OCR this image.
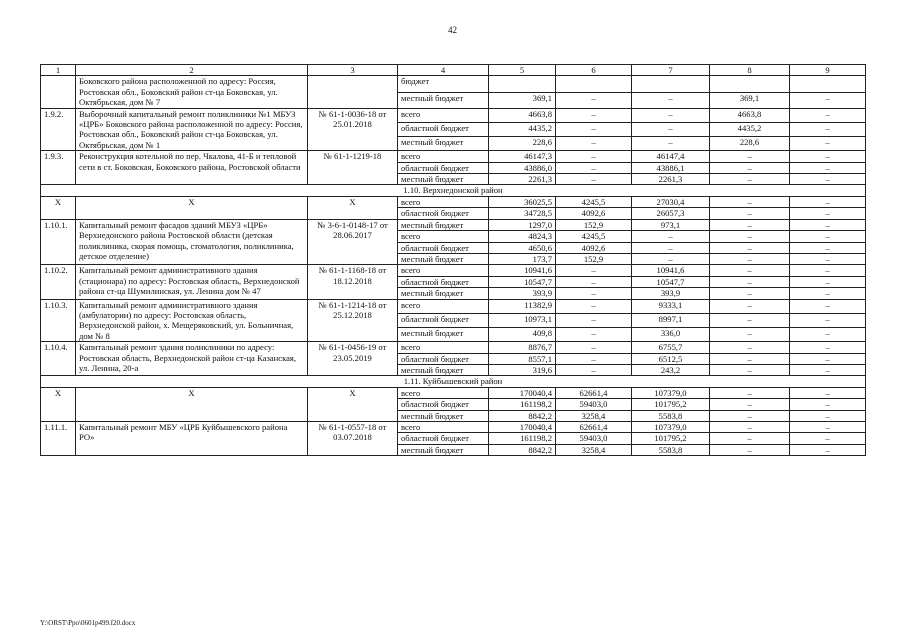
42
1	2	3	4	5	6	7	8	9
	Боковского района расположенной по адресу: Россия, Ростовская обл., Боковский район ст-ца Боковская, ул. Октябрьская, дом № 7		бюджет					
			местный бюджет	369,1	–	–	369,1	–
1.9.2.	Выборочный капитальный ремонт поликлиники №1 МБУЗ «ЦРБ» Боковского района расположенной по адресу: Россия, Ростовская обл., Боковский район ст-ца Боковская, ул. Октябрьская, дом № 1	№ 61-1-0036-18 от 25.01.2018	всего	4663,8	–	–	4663,8	–
			областной бюджет	4435,2	–	–	4435,2	–
			местный бюджет	228,6	–	–	228,6	–
1.9.3.	Реконструкция котельной по пер. Чкалова, 41-Б и тепловой сети в ст. Боковская, Боковского района, Ростовской области	№ 61-1-1219-18	всего	46147,3	–	46147,4	–	–
			областной бюджет	43886,0	–	43886,1	–	–
			местный бюджет	2261,3	–	2261,3	–	–
1.10. Верхнедонской район								
Х	Х	Х	всего	36025,5	4245,5	27030,4	–	–
			областной бюджет	34728,5	4092,6	26057,3	–	–
1.10.1.	Капитальный ремонт фасадов зданий МБУЗ «ЦРБ» Верхнедонского района Ростовской области (детская поликлиника, скорая помощь, стоматология, поликлиника, детское отделение)	№ 3-6-1-0148-17 от 28.06.2017	местный бюджет	1297,0	152,9	973,1	–	–
			всего	4824,3	4245,5	–	–	–
			областной бюджет	4650,6	4092,6	–	–	–
			местный бюджет	173,7	152,9	–	–	–
1.10.2.	Капитальный ремонт административного здания (стационара) по адресу: Ростовская область, Верхнедонской района ст-ца Шумилинская, ул. Ленина дом № 47	№ 61-1-1168-18 от 18.12.2018	всего	10941,6	–	10941,6	–	–
			областной бюджет	10547,7	–	10547,7	–	–
			местный бюджет	393,9	–	393,9	–	–
1.10.3.	Капитальный ремонт административного здания (амбулатории) по адресу: Ростовская область, Верхнедонской район, х. Мещеряковский, ул. Больничная, дом № 8	№ 61-1-1214-18 от 25.12.2018	всего	11382,9	–	9333,1	–	–
			областной бюджет	10973,1	–	8997,1	–	–
			местный бюджет	409,8	–	336,0	–	–
1.10.4.	Капитальный ремонт здания поликлиники по адресу: Ростовская область, Верхнедонской район ст-ца Казанская, ул. Ленина, 20-а	№ 61-1-0456-19 от 23.05.2019	всего	8876,7	–	6755,7	–	–
			областной бюджет	8557,1	–	6512,5	–	–
			местный бюджет	319,6	–	243,2	–	–
1.11. Куйбышевский район								
Х	Х	Х	всего	170040,4	62661,4	107379,0	–	–
			областной бюджет	161198,2	59403,0	101795,2	–	–
			местный бюджет	8842,2	3258,4	5583,8	–	–
1.11.1.	Капитальный ремонт МБУ «ЦРБ Куйбышевского района РО»	№ 61-1-0557-18 от 03.07.2018	всего	170040,4	62661,4	107379,0	–	–
			областной бюджет	161198,2	59403,0	101795,2	–	–
			местный бюджет	8842,2	3258,4	5583,8	–	–
Y:\ORST\Ppo\0601p499.f20.docx
